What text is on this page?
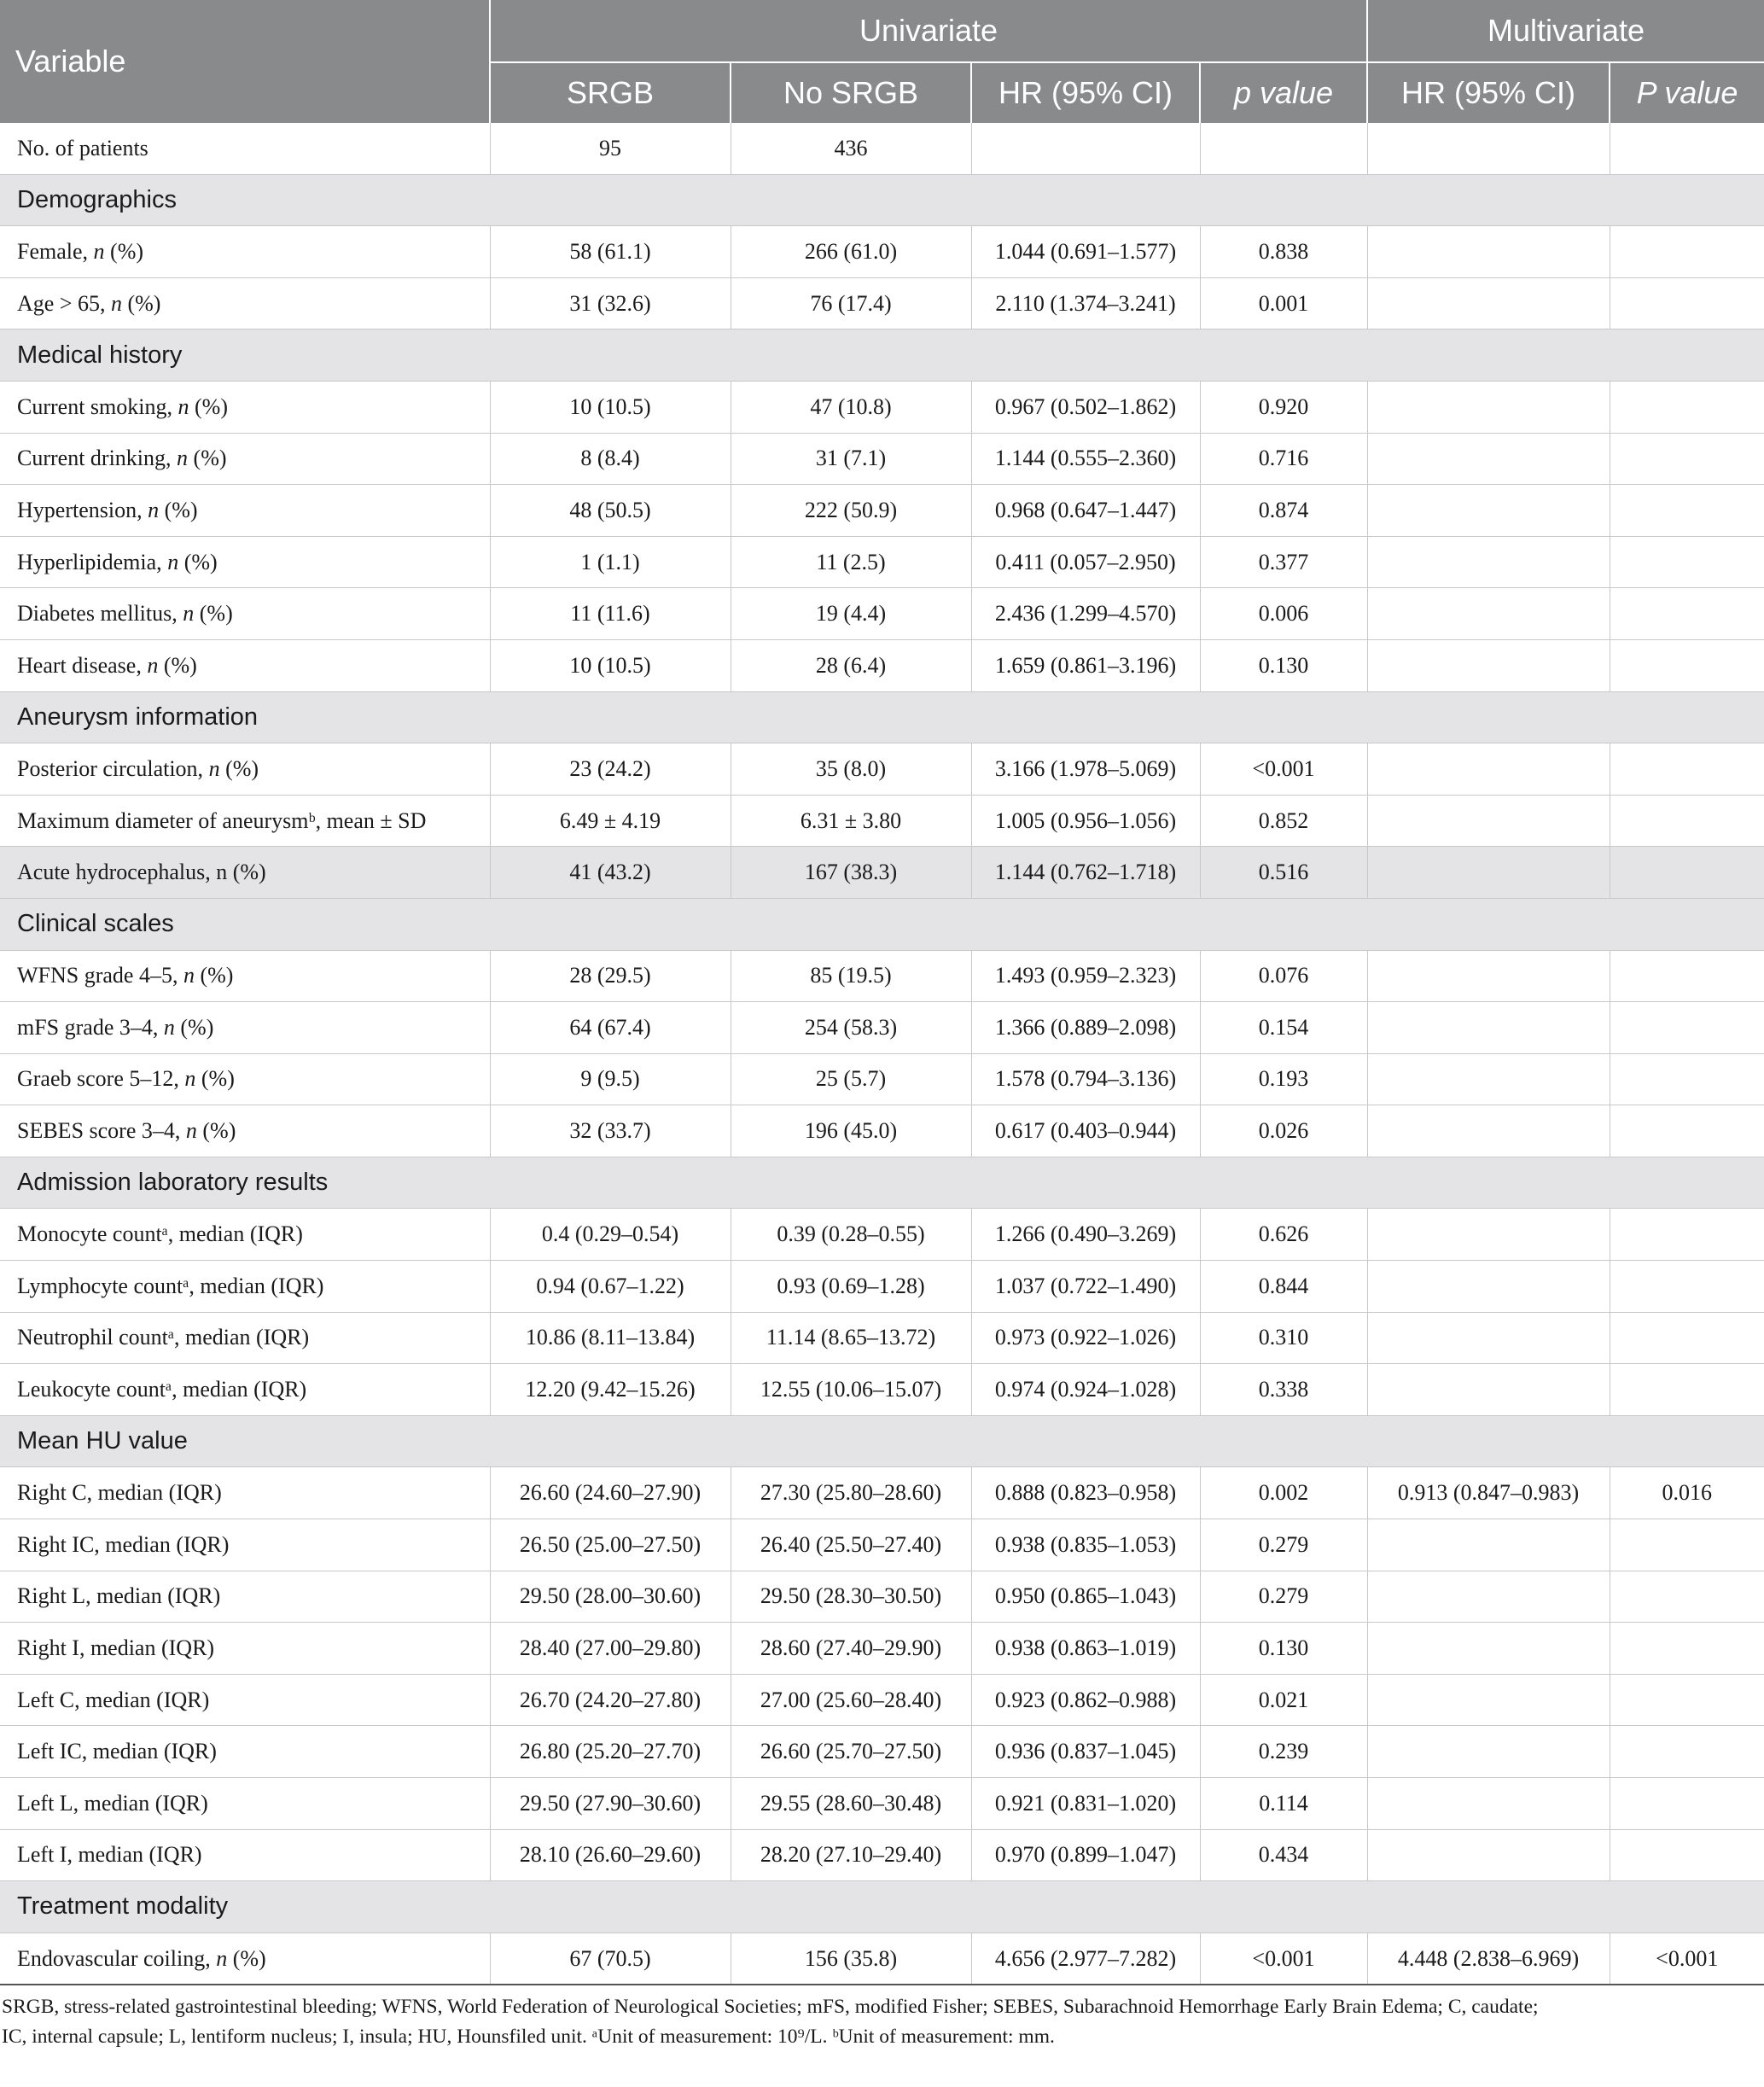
Variable	Univariate				Multivariate	
	SRGB	No SRGB	HR (95% CI)	p value	HR (95% CI)	P value
No. of patients	95	436				
Demographics						
Female, n (%)	58 (61.1)	266 (61.0)	1.044 (0.691–1.577)	0.838		
Age > 65, n (%)	31 (32.6)	76 (17.4)	2.110 (1.374–3.241)	0.001		
Medical history						
Current smoking, n (%)	10 (10.5)	47 (10.8)	0.967 (0.502–1.862)	0.920		
Current drinking, n (%)	8 (8.4)	31 (7.1)	1.144 (0.555–2.360)	0.716		
Hypertension, n (%)	48 (50.5)	222 (50.9)	0.968 (0.647–1.447)	0.874		
Hyperlipidemia, n (%)	1 (1.1)	11 (2.5)	0.411 (0.057–2.950)	0.377		
Diabetes mellitus, n (%)	11 (11.6)	19 (4.4)	2.436 (1.299–4.570)	0.006		
Heart disease, n (%)	10 (10.5)	28 (6.4)	1.659 (0.861–3.196)	0.130		
Aneurysm information						
Posterior circulation, n (%)	23 (24.2)	35 (8.0)	3.166 (1.978–5.069)	<0.001		
Maximum diameter of aneurysmᵇ, mean ± SD	6.49 ± 4.19	6.31 ± 3.80	1.005 (0.956–1.056)	0.852		
Acute hydrocephalus, n (%)	41 (43.2)	167 (38.3)	1.144 (0.762–1.718)	0.516		
Clinical scales						
WFNS grade 4–5, n (%)	28 (29.5)	85 (19.5)	1.493 (0.959–2.323)	0.076		
mFS grade 3–4, n (%)	64 (67.4)	254 (58.3)	1.366 (0.889–2.098)	0.154		
Graeb score 5–12, n (%)	9 (9.5)	25 (5.7)	1.578 (0.794–3.136)	0.193		
SEBES score 3–4, n (%)	32 (33.7)	196 (45.0)	0.617 (0.403–0.944)	0.026		
Admission laboratory results						
Monocyte countᵃ, median (IQR)	0.4 (0.29–0.54)	0.39 (0.28–0.55)	1.266 (0.490–3.269)	0.626		
Lymphocyte countᵃ, median (IQR)	0.94 (0.67–1.22)	0.93 (0.69–1.28)	1.037 (0.722–1.490)	0.844		
Neutrophil countᵃ, median (IQR)	10.86 (8.11–13.84)	11.14 (8.65–13.72)	0.973 (0.922–1.026)	0.310		
Leukocyte countᵃ, median (IQR)	12.20 (9.42–15.26)	12.55 (10.06–15.07)	0.974 (0.924–1.028)	0.338		
Mean HU value						
Right C, median (IQR)	26.60 (24.60–27.90)	27.30 (25.80–28.60)	0.888 (0.823–0.958)	0.002	0.913 (0.847–0.983)	0.016
Right IC, median (IQR)	26.50 (25.00–27.50)	26.40 (25.50–27.40)	0.938 (0.835–1.053)	0.279		
Right L, median (IQR)	29.50 (28.00–30.60)	29.50 (28.30–30.50)	0.950 (0.865–1.043)	0.279		
Right I, median (IQR)	28.40 (27.00–29.80)	28.60 (27.40–29.90)	0.938 (0.863–1.019)	0.130		
Left C, median (IQR)	26.70 (24.20–27.80)	27.00 (25.60–28.40)	0.923 (0.862–0.988)	0.021		
Left IC, median (IQR)	26.80 (25.20–27.70)	26.60 (25.70–27.50)	0.936 (0.837–1.045)	0.239		
Left L, median (IQR)	29.50 (27.90–30.60)	29.55 (28.60–30.48)	0.921 (0.831–1.020)	0.114		
Left I, median (IQR)	28.10 (26.60–29.60)	28.20 (27.10–29.40)	0.970 (0.899–1.047)	0.434		
Treatment modality						
Endovascular coiling, n (%)	67 (70.5)	156 (35.8)	4.656 (2.977–7.282)	<0.001	4.448 (2.838–6.969)	<0.001
SRGB, stress-related gastrointestinal bleeding; WFNS, World Federation of Neurological Societies; mFS, modified Fisher; SEBES, Subarachnoid Hemorrhage Early Brain Edema; C, caudate;
IC, internal capsule; L, lentiform nucleus; I, insula; HU, Hounsfiled unit. ᵃUnit of measurement: 10⁹/L. ᵇUnit of measurement: mm.
